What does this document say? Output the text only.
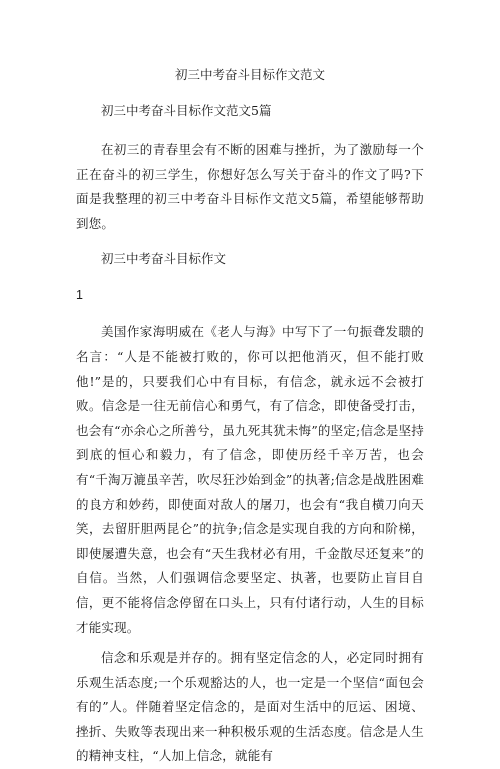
初三中考奋斗目标作文范文
初三中考奋斗目标作文范文5篇

在初三的青春里会有不断的困难与挫折，为了激励每一个正在奋斗的初三学生，你想好怎么写关于奋斗的作文了吗?下面是我整理的初三中考奋斗目标作文范文5篇，希望能够帮助到您。

初三中考奋斗目标作文
1

美国作家海明威在《老人与海》中写下了一句振聋发聩的名言：“人是不能被打败的，你可以把他消灭，但不能打败他!”是的，只要我们心中有目标，有信念，就永远不会被打败。信念是一往无前信心和勇气，有了信念，即使备受打击，也会有“亦余心之所善兮，虽九死其犹未悔”的坚定;信念是坚持到底的恒心和毅力，有了信念，即使历经千辛万苦，也会有“千淘万漉虽辛苦，吹尽狂沙始到金”的执著;信念是战胜困难的良方和妙药，即使面对敌人的屠刀，也会有“我自横刀向天笑，去留肝胆两昆仑”的抗争;信念是实现自我的方向和阶梯，即使屡遭失意，也会有“天生我材必有用，千金散尽还复来”的自信。当然，人们强调信念要坚定、执著，也要防止盲目自信，更不能将信念停留在口头上，只有付诸行动，人生的目标才能实现。

信念和乐观是并存的。拥有坚定信念的人，必定同时拥有乐观生活态度;一个乐观豁达的人，也一定是一个坚信“面包会有的”人。伴随着坚定信念的，是面对生活中的厄运、困境、挫折、失败等表现出来一种积极乐观的生活态度。信念是人生的精神支柱，“人加上信念，就能有
